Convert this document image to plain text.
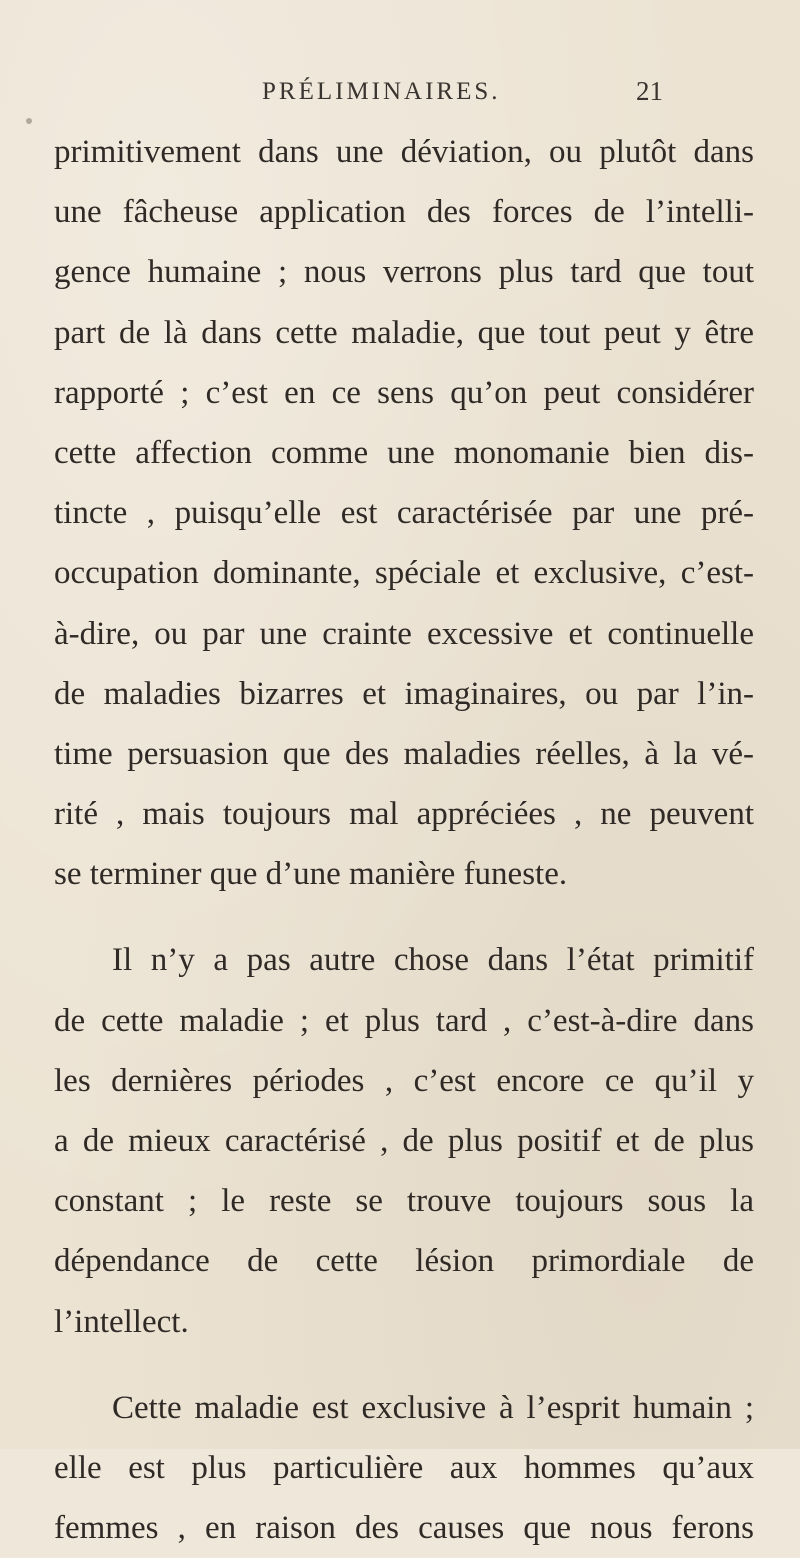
PRÉLIMINAIRES.	21
primitivement dans une déviation, ou plutôt dans
une fâcheuse application des forces de l’intelli-
gence humaine ; nous verrons plus tard que tout
part de là dans cette maladie, que tout peut y être
rapporté ; c’est en ce sens qu’on peut considérer
cette affection comme une monomanie bien dis-
tincte , puisqu’elle est caractérisée par une pré-
occupation dominante, spéciale et exclusive, c’est-
à-dire, ou par une crainte excessive et continuelle
de maladies bizarres et imaginaires, ou par l’in-
time persuasion que des maladies réelles, à la vé-
rité , mais toujours mal appréciées , ne peuvent
se terminer que d’une manière funeste.
Il n’y a pas autre chose dans l’état primitif
de cette maladie ; et plus tard , c’est-à-dire dans
les dernières périodes , c’est encore ce qu’il y
a de mieux caractérisé , de plus positif et de plus
constant ; le reste se trouve toujours sous la
dépendance de cette lésion primordiale de
l’intellect.
Cette maladie est exclusive à l’esprit humain ;
elle est plus particulière aux hommes qu’aux
femmes , en raison des causes que nous ferons
